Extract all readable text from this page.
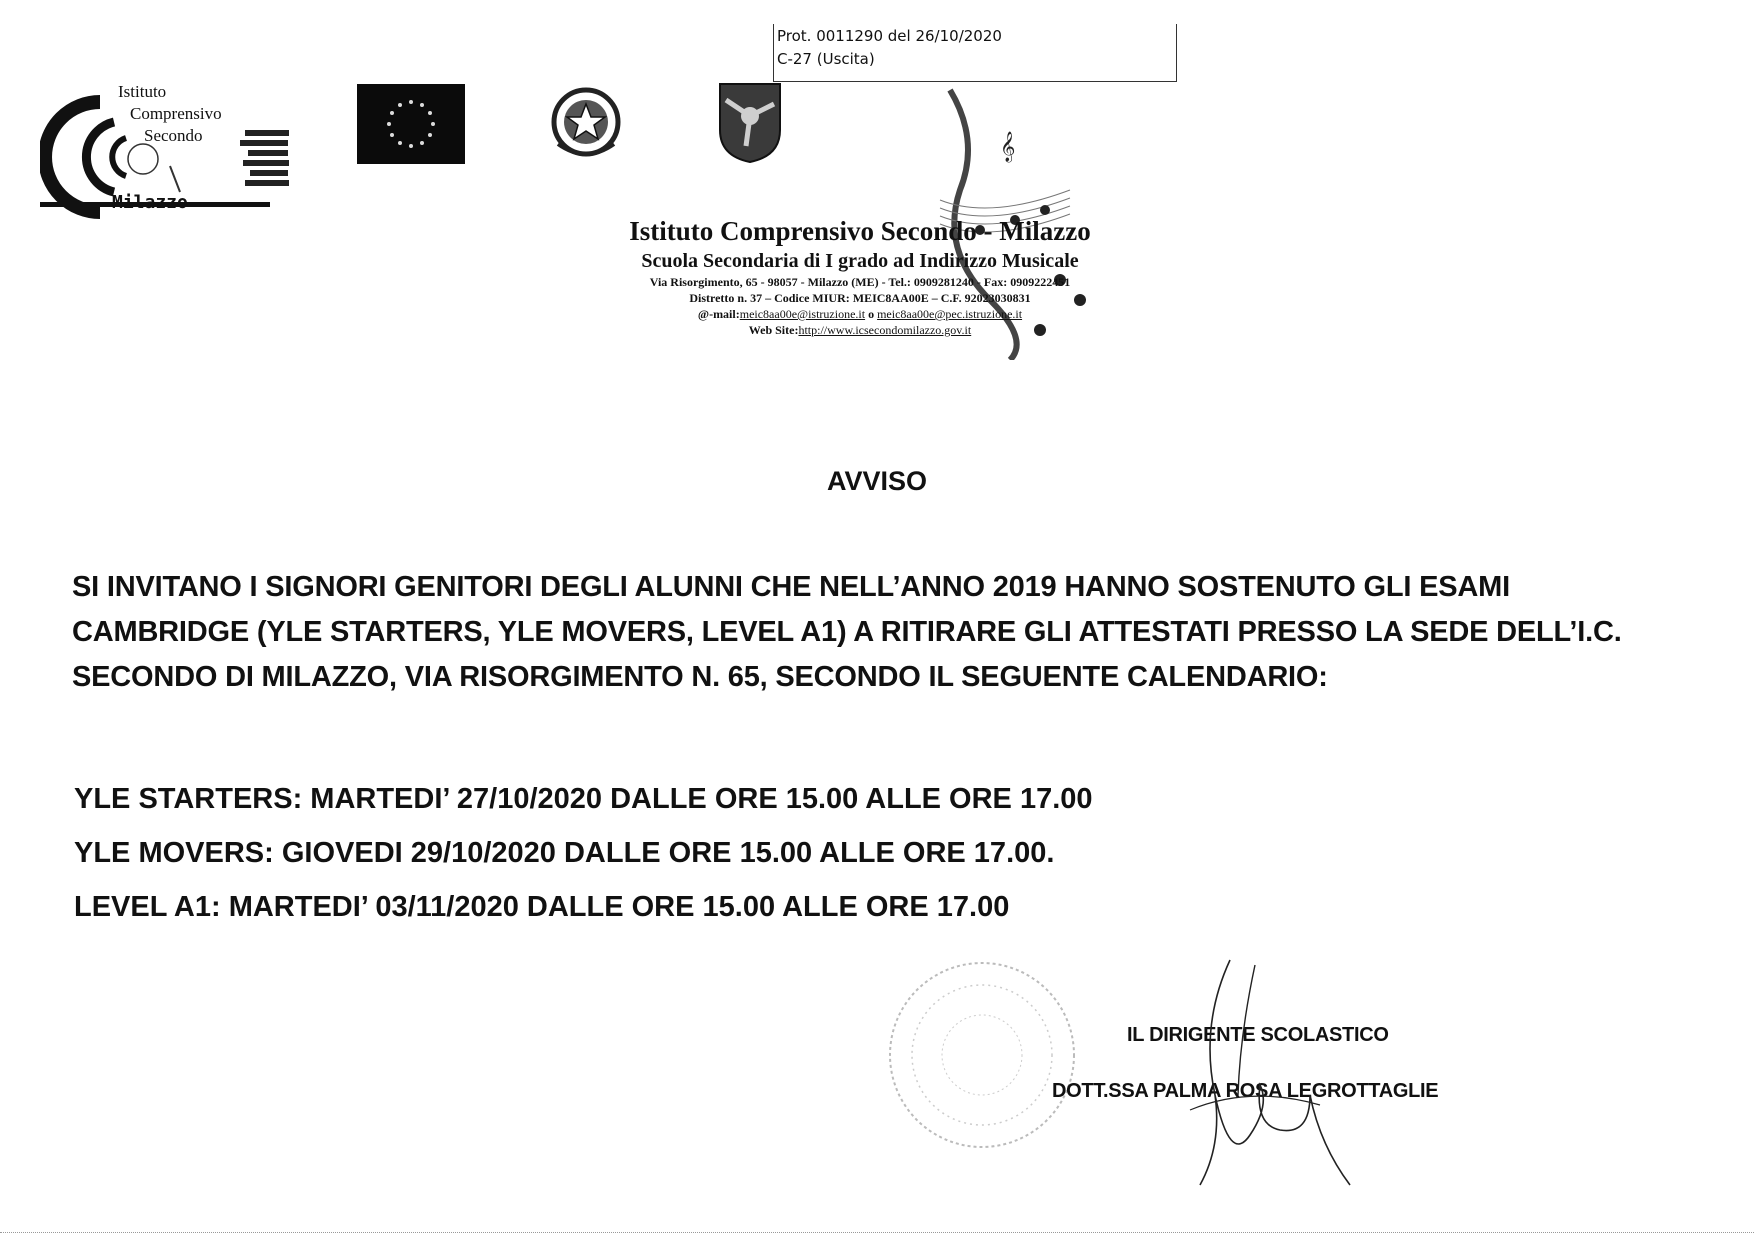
Prot. 0011290 del 26/10/2020
C-27 (Uscita)
Istituto
Comprensivo
Secondo
Milazzo
𝄞
Istituto Comprensivo Secondo - Milazzo
Scuola Secondaria di I grado ad Indirizzo Musicale
Via Risorgimento, 65 - 98057 - Milazzo (ME) - Tel.: 0909281240 - Fax: 0909222451
Distretto n. 37 – Codice MIUR: MEIC8AA00E – C.F. 92023030831
@-mail:meic8aa00e@istruzione.it o meic8aa00e@pec.istruzione.it
Web Site:http://www.icsecondomilazzo.gov.it
AVVISO
SI INVITANO I SIGNORI GENITORI DEGLI ALUNNI CHE NELL’ANNO 2019 HANNO SOSTENUTO GLI ESAMI
CAMBRIDGE (YLE STARTERS, YLE MOVERS, LEVEL A1) A RITIRARE GLI ATTESTATI PRESSO LA SEDE DELL’I.C.
SECONDO DI MILAZZO, VIA RISORGIMENTO N. 65, SECONDO IL SEGUENTE CALENDARIO:
YLE STARTERS: MARTEDI’ 27/10/2020 DALLE ORE 15.00 ALLE ORE 17.00
YLE MOVERS: GIOVEDI 29/10/2020 DALLE ORE 15.00 ALLE ORE 17.00.
LEVEL A1: MARTEDI’ 03/11/2020 DALLE ORE 15.00 ALLE ORE 17.00
IL DIRIGENTE SCOLASTICO
DOTT.SSA PALMA ROSA LEGROTTAGLIE
